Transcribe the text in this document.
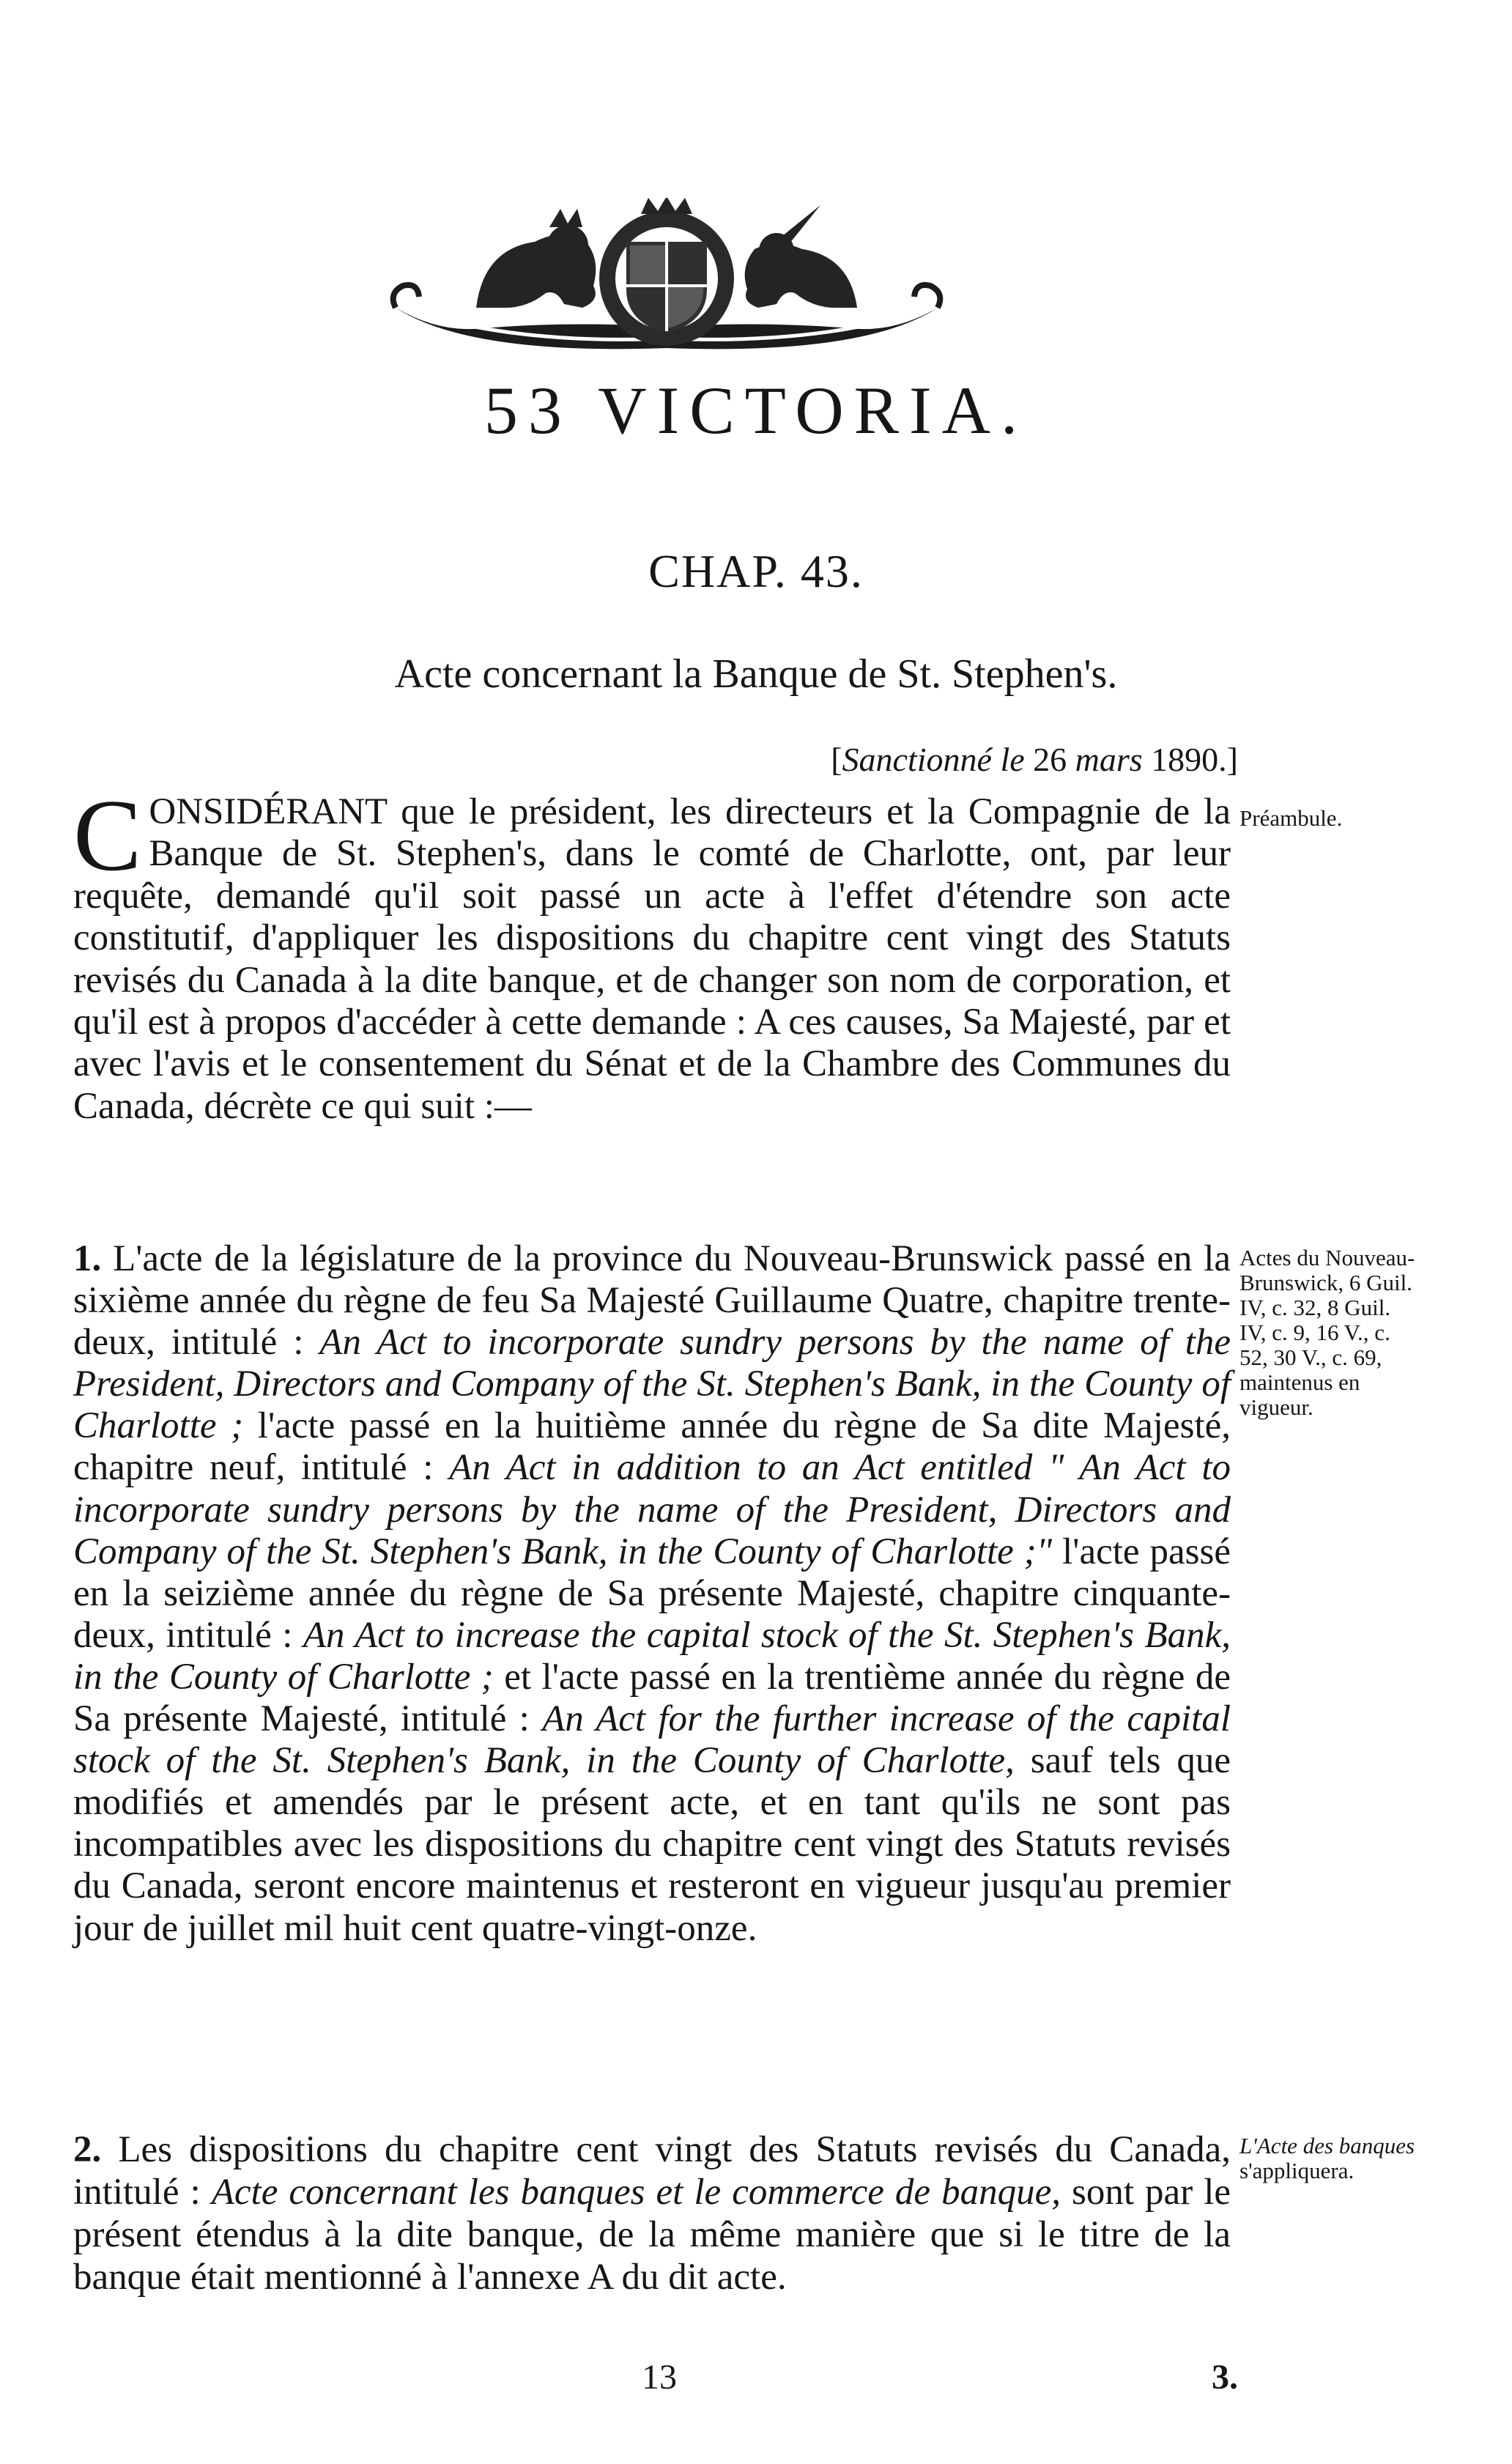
53 VICTORIA.
CHAP. 43.
Acte concernant la Banque de St. Stephen's.
[Sanctionné le 26 mars 1890.]
CONSIDÉRANT que le président, les directeurs et la Compagnie de la Banque de St. Stephen's, dans le comté de Charlotte, ont, par leur requête, demandé qu'il soit passé un acte à l'effet d'étendre son acte constitutif, d'appliquer les dispositions du chapitre cent vingt des Statuts revisés du Canada à la dite banque, et de changer son nom de corporation, et qu'il est à propos d'accéder à cette demande : A ces causes, Sa Majesté, par et avec l'avis et le consentement du Sénat et de la Chambre des Communes du Canada, décrète ce qui suit :—
Préambule.
1. L'acte de la législature de la province du Nouveau-Brunswick passé en la sixième année du règne de feu Sa Majesté Guillaume Quatre, chapitre trente-deux, intitulé : An Act to incorporate sundry persons by the name of the President, Directors and Company of the St. Stephen's Bank, in the County of Charlotte ; l'acte passé en la huitième année du règne de Sa dite Majesté, chapitre neuf, intitulé : An Act in addition to an Act entitled " An Act to incorporate sundry persons by the name of the President, Directors and Company of the St. Stephen's Bank, in the County of Charlotte ;" l'acte passé en la seizième année du règne de Sa présente Majesté, chapitre cinquante-deux, intitulé : An Act to increase the capital stock of the St. Stephen's Bank, in the County of Charlotte ; et l'acte passé en la trentième année du règne de Sa présente Majesté, intitulé : An Act for the further increase of the capital stock of the St. Stephen's Bank, in the County of Charlotte, sauf tels que modifiés et amendés par le présent acte, et en tant qu'ils ne sont pas incompatibles avec les dispositions du chapitre cent vingt des Statuts revisés du Canada, seront encore maintenus et resteront en vigueur jusqu'au premier jour de juillet mil huit cent quatre-vingt-onze.
Actes du Nouveau-Brunswick, 6 Guil. IV, c. 32, 8 Guil. IV, c. 9, 16 V., c. 52, 30 V., c. 69, maintenus en vigueur.
2. Les dispositions du chapitre cent vingt des Statuts revisés du Canada, intitulé : Acte concernant les banques et le commerce de banque, sont par le présent étendus à la dite banque, de la même manière que si le titre de la banque était mentionné à l'annexe A du dit acte.
L'Acte des banques s'appliquera.
13	3.
